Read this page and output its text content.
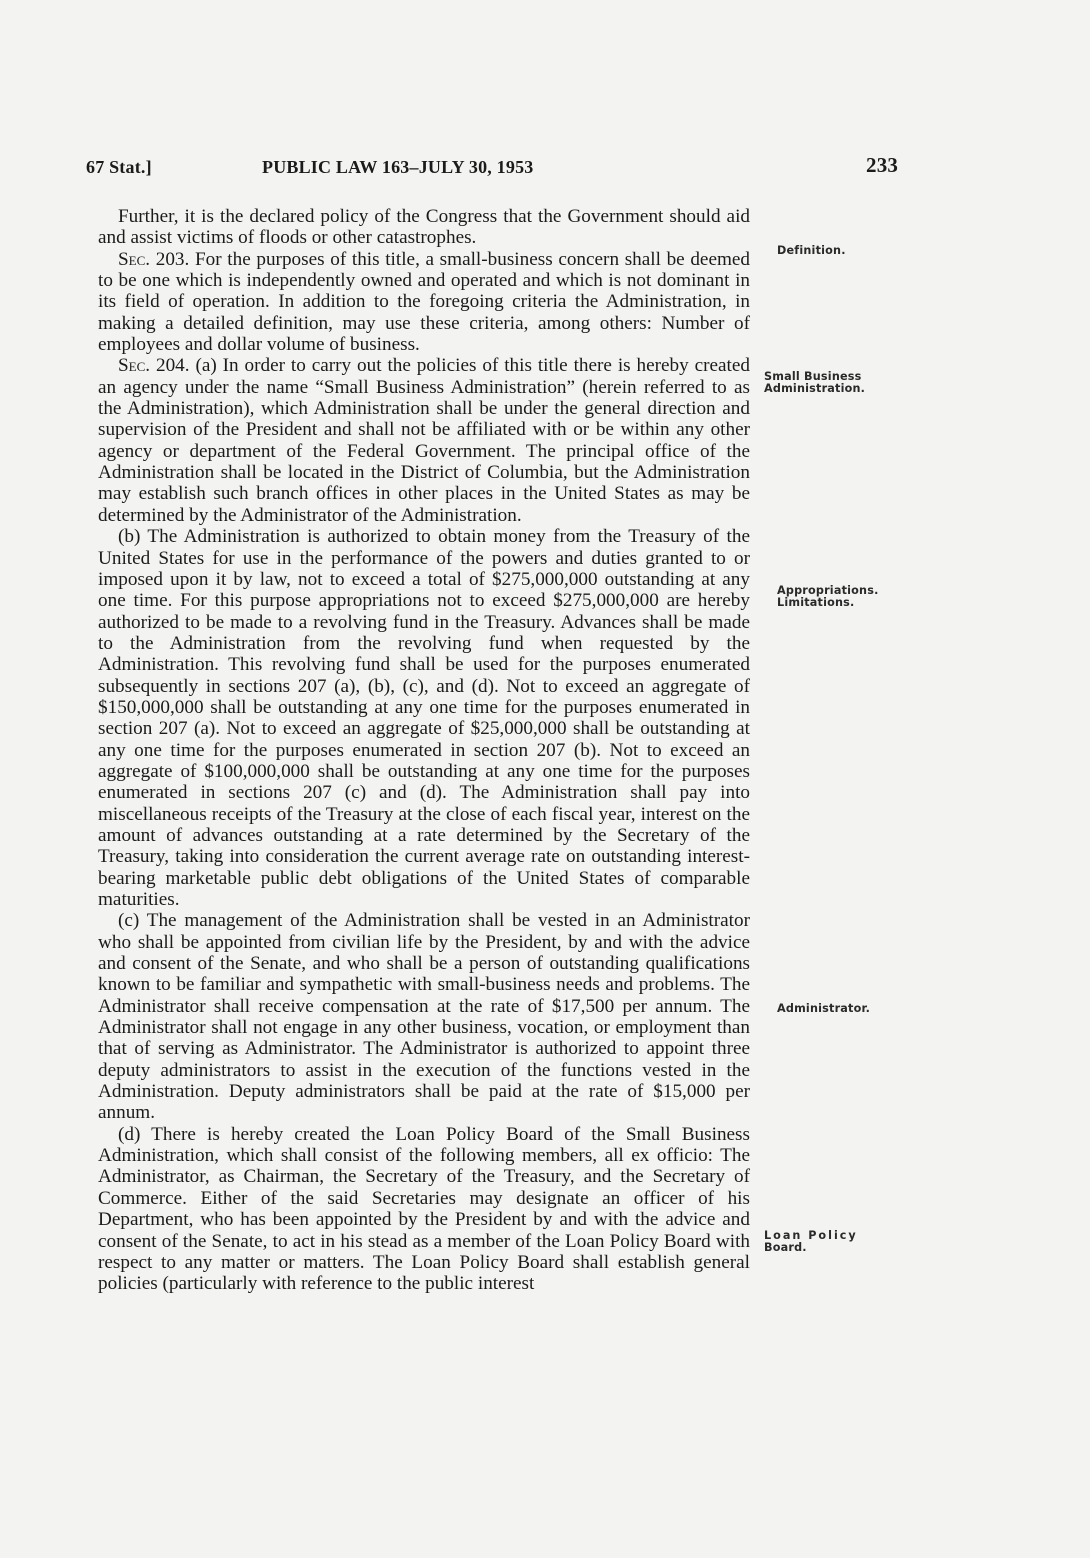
67 Stat.]	PUBLIC LAW 163–JULY 30, 1953	233

Further, it is the declared policy of the Congress that the Government should aid and assist victims of floods or other catastrophes.

Sec. 203. For the purposes of this title, a small-business concern shall be deemed to be one which is independently owned and operated and which is not dominant in its field of operation. In addition to the foregoing criteria the Administration, in making a detailed definition, may use these criteria, among others: Number of employees and dollar volume of business.

Sec. 204. (a) In order to carry out the policies of this title there is hereby created an agency under the name “Small Business Administration” (herein referred to as the Administration), which Administration shall be under the general direction and supervision of the President and shall not be affiliated with or be within any other agency or department of the Federal Government. The principal office of the Administration shall be located in the District of Columbia, but the Administration may establish such branch offices in other places in the United States as may be determined by the Administrator of the Administration.

(b) The Administration is authorized to obtain money from the Treasury of the United States for use in the performance of the powers and duties granted to or imposed upon it by law, not to exceed a total of $275,000,000 outstanding at any one time. For this purpose appropriations not to exceed $275,000,000 are hereby authorized to be made to a revolving fund in the Treasury. Advances shall be made to the Administration from the revolving fund when requested by the Administration. This revolving fund shall be used for the purposes enumerated subsequently in sections 207 (a), (b), (c), and (d). Not to exceed an aggregate of $150,000,000 shall be outstanding at any one time for the purposes enumerated in section 207 (a). Not to exceed an aggregate of $25,000,000 shall be outstanding at any one time for the purposes enumerated in section 207 (b). Not to exceed an aggregate of $100,000,000 shall be outstanding at any one time for the purposes enumerated in sections 207 (c) and (d). The Administration shall pay into miscellaneous receipts of the Treasury at the close of each fiscal year, interest on the amount of advances outstanding at a rate determined by the Secretary of the Treasury, taking into consideration the current average rate on outstanding interest-bearing marketable public debt obligations of the United States of comparable maturities.

(c) The management of the Administration shall be vested in an Administrator who shall be appointed from civilian life by the President, by and with the advice and consent of the Senate, and who shall be a person of outstanding qualifications known to be familiar and sympathetic with small-business needs and problems. The Administrator shall receive compensation at the rate of $17,500 per annum. The Administrator shall not engage in any other business, vocation, or employment than that of serving as Administrator. The Administrator is authorized to appoint three deputy administrators to assist in the execution of the functions vested in the Administration. Deputy administrators shall be paid at the rate of $15,000 per annum.

(d) There is hereby created the Loan Policy Board of the Small Business Administration, which shall consist of the following members, all ex officio: The Administrator, as Chairman, the Secretary of the Treasury, and the Secretary of Commerce. Either of the said Secretaries may designate an officer of his Department, who has been appointed by the President by and with the advice and consent of the Senate, to act in his stead as a member of the Loan Policy Board with respect to any matter or matters. The Loan Policy Board shall establish general policies (particularly with reference to the public interest

Definition.
Small Business
Administration.
Appropriations.
Limitations.
Administrator.
Loan Policy
Board.
